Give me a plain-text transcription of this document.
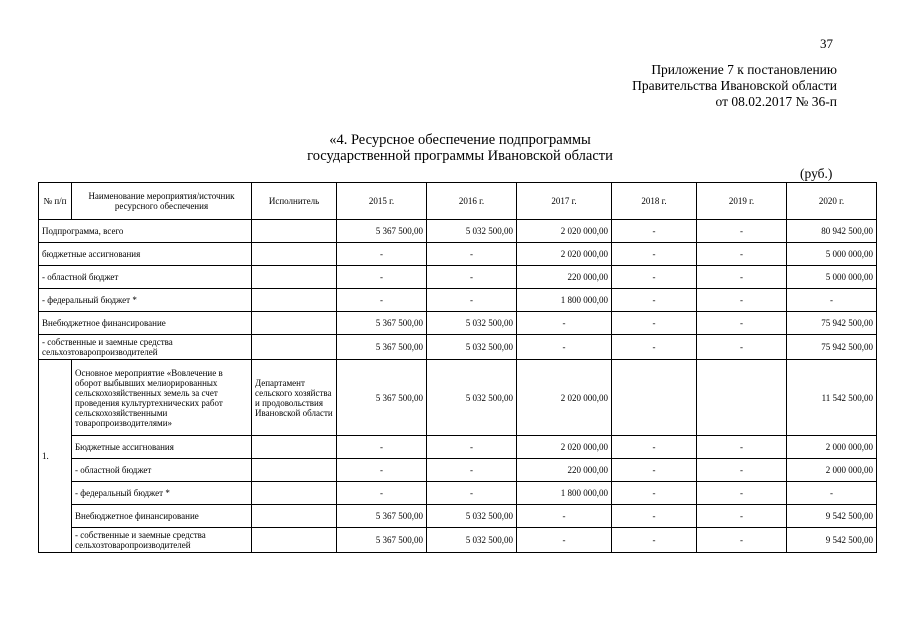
37
Приложение 7 к постановлению
Правительства Ивановской области
от 08.02.2017 № 36-п
«4. Ресурсное обеспечение подпрограммы
государственной программы Ивановской области
(руб.)
№ п/п	Наименование мероприятия/источник ресурсного обеспечения	Исполнитель	2015 г.	2016 г.	2017 г.	2018 г.	2019 г.	2020 г.
Подпрограмма, всего			5 367 500,00	5 032 500,00	2 020 000,00	-	-	80 942 500,00
бюджетные ассигнования			-	-	2 020 000,00	-	-	5 000 000,00
- областной бюджет			-	-	220 000,00	-	-	5 000 000,00
- федеральный бюджет *			-	-	1 800 000,00	-	-	-
Внебюджетное финансирование			5 367 500,00	5 032 500,00	-	-	-	75 942 500,00
- собственные и заемные средства сельхозтоваропроизводителей			5 367 500,00	5 032 500,00	-	-	-	75 942 500,00
1.	Основное мероприятие «Вовлечение в оборот выбывших мелиорированных сельскохозяйственных земель за счет проведения культуртехнических работ сельскохозяйственными товаропроизводителями»	Департамент сельского хозяйства и продовольствия Ивановской области	5 367 500,00	5 032 500,00	2 020 000,00			11 542 500,00
	Бюджетные ассигнования		-	-	2 020 000,00	-	-	2 000 000,00
	- областной бюджет		-	-	220 000,00	-	-	2 000 000,00
	- федеральный бюджет *		-	-	1 800 000,00	-	-	-
	Внебюджетное финансирование		5 367 500,00	5 032 500,00	-	-	-	9 542 500,00
	- собственные и заемные средства сельхозтоваропроизводителей		5 367 500,00	5 032 500,00	-	-	-	9 542 500,00
